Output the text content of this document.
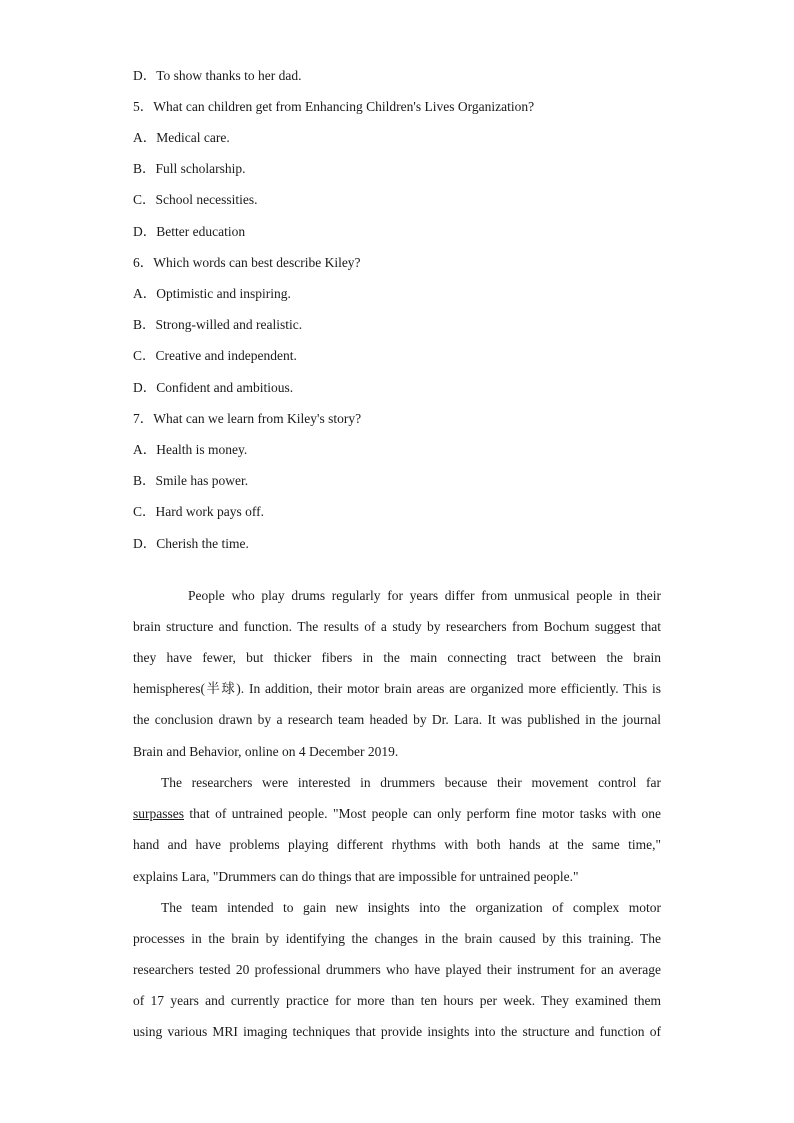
D．To show thanks to her dad.
5．What can children get from Enhancing Children's Lives Organization?
A．Medical care.
B．Full scholarship.
C．School necessities.
D．Better education
6．Which words can best describe Kiley?
A．Optimistic and inspiring.
B．Strong-willed and realistic.
C．Creative and independent.
D．Confident and ambitious.
7．What can we learn from Kiley's story?
A．Health is money.
B．Smile has power.
C．Hard work pays off.
D．Cherish the time.
People who play drums regularly for years differ from unmusical people in their
brain structure and function. The results of a study by researchers from Bochum suggest that
they have fewer, but thicker fibers in the main connecting tract between the brain
hemispheres(半球). In addition, their motor brain areas are organized more efficiently. This is
the conclusion drawn by a research team headed by Dr. Lara. It was published in the journal
Brain and Behavior, online on 4 December 2019.
The researchers were interested in drummers because their movement control far
surpasses that of untrained people. "Most people can only perform fine motor tasks with one
hand and have problems playing different rhythms with both hands at the same time,"
explains Lara, "Drummers can do things that are impossible for untrained people."
The team intended to gain new insights into the organization of complex motor
processes in the brain by identifying the changes in the brain caused by this training. The
researchers tested 20 professional drummers who have played their instrument for an average
of 17 years and currently practice for more than ten hours per week. They examined them
using various MRI imaging techniques that provide insights into the structure and function of
